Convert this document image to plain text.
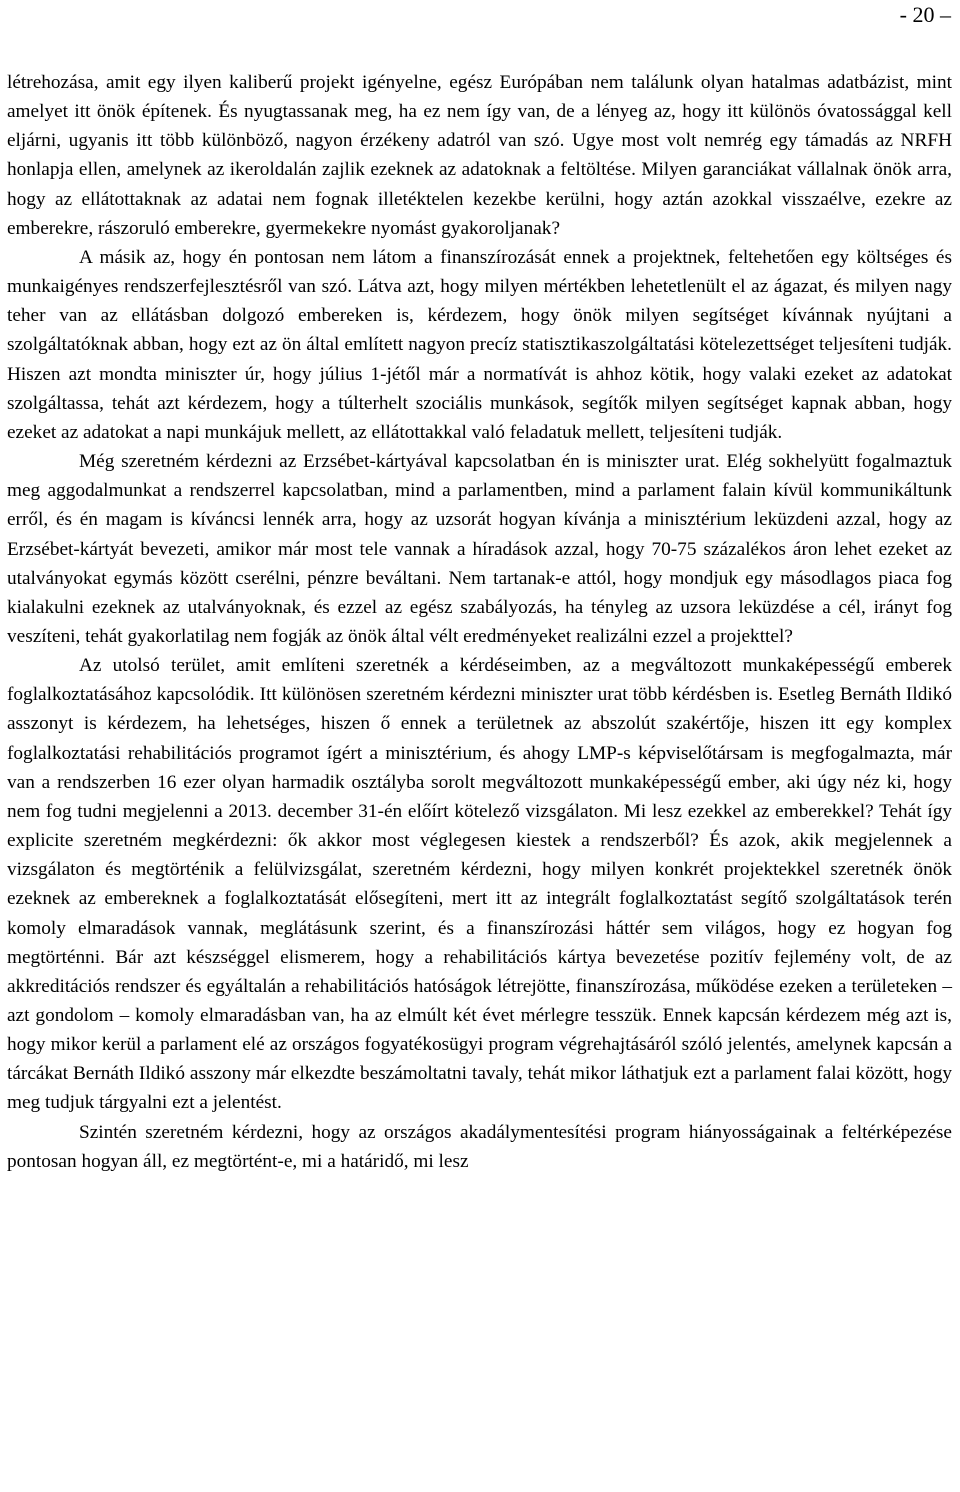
- 20 –

létrehozása, amit egy ilyen kaliberű projekt igényelne, egész Európában nem találunk olyan hatalmas adatbázist, mint amelyet itt önök építenek. És nyugtassanak meg, ha ez nem így van, de a lényeg az, hogy itt különös óvatossággal kell eljárni, ugyanis itt több különböző, nagyon érzékeny adatról van szó. Ugye most volt nemrég egy támadás az NRFH honlapja ellen, amelynek az ikeroldalán zajlik ezeknek az adatoknak a feltöltése. Milyen garanciákat vállalnak önök arra, hogy az ellátottaknak az adatai nem fognak illetéktelen kezekbe kerülni, hogy aztán azokkal visszaélve, ezekre az emberekre, rászoruló emberekre, gyermekekre nyomást gyakoroljanak?

A másik az, hogy én pontosan nem látom a finanszírozását ennek a projektnek, feltehetően egy költséges és munkaigényes rendszerfejlesztésről van szó. Látva azt, hogy milyen mértékben lehetetlenült el az ágazat, és milyen nagy teher van az ellátásban dolgozó embereken is, kérdezem, hogy önök milyen segítséget kívánnak nyújtani a szolgáltatóknak abban, hogy ezt az ön által említett nagyon precíz statisztikaszolgáltatási kötelezettséget teljesíteni tudják. Hiszen azt mondta miniszter úr, hogy július 1-jétől már a normatívát is ahhoz kötik, hogy valaki ezeket az adatokat szolgáltassa, tehát azt kérdezem, hogy a túlterhelt szociális munkások, segítők milyen segítséget kapnak abban, hogy ezeket az adatokat a napi munkájuk mellett, az ellátottakkal való feladatuk mellett, teljesíteni tudják.

Még szeretném kérdezni az Erzsébet-kártyával kapcsolatban én is miniszter urat. Elég sokhelyütt fogalmaztuk meg aggodalmunkat a rendszerrel kapcsolatban, mind a parlamentben, mind a parlament falain kívül kommunikáltunk erről, és én magam is kíváncsi lennék arra, hogy az uzsorát hogyan kívánja a minisztérium leküzdeni azzal, hogy az Erzsébet-kártyát bevezeti, amikor már most tele vannak a híradások azzal, hogy 70-75 százalékos áron lehet ezeket az utalványokat egymás között cserélni, pénzre beváltani. Nem tartanak-e attól, hogy mondjuk egy másodlagos piaca fog kialakulni ezeknek az utalványoknak, és ezzel az egész szabályozás, ha tényleg az uzsora leküzdése a cél, irányt fog veszíteni, tehát gyakorlatilag nem fogják az önök által vélt eredményeket realizálni ezzel a projekttel?

Az utolsó terület, amit említeni szeretnék a kérdéseimben, az a megváltozott munkaképességű emberek foglalkoztatásához kapcsolódik. Itt különösen szeretném kérdezni miniszter urat több kérdésben is. Esetleg Bernáth Ildikó asszonyt is kérdezem, ha lehetséges, hiszen ő ennek a területnek az abszolút szakértője, hiszen itt egy komplex foglalkoztatási rehabilitációs programot ígért a minisztérium, és ahogy LMP-s képviselőtársam is megfogalmazta, már van a rendszerben 16 ezer olyan harmadik osztályba sorolt megváltozott munkaképességű ember, aki úgy néz ki, hogy nem fog tudni megjelenni a 2013. december 31-én előírt kötelező vizsgálaton. Mi lesz ezekkel az emberekkel? Tehát így explicite szeretném megkérdezni: ők akkor most véglegesen kiestek a rendszerből? És azok, akik megjelennek a vizsgálaton és megtörténik a felülvizsgálat, szeretném kérdezni, hogy milyen konkrét projektekkel szeretnék önök ezeknek az embereknek a foglalkoztatását elősegíteni, mert itt az integrált foglalkoztatást segítő szolgáltatások terén komoly elmaradások vannak, meglátásunk szerint, és a finanszírozási háttér sem világos, hogy ez hogyan fog megtörténni. Bár azt készséggel elismerem, hogy a rehabilitációs kártya bevezetése pozitív fejlemény volt, de az akkreditációs rendszer és egyáltalán a rehabilitációs hatóságok létrejötte, finanszírozása, működése ezeken a területeken – azt gondolom – komoly elmaradásban van, ha az elmúlt két évet mérlegre tesszük. Ennek kapcsán kérdezem még azt is, hogy mikor kerül a parlament elé az országos fogyatékosügyi program végrehajtásáról szóló jelentés, amelynek kapcsán a tárcákat Bernáth Ildikó asszony már elkezdte beszámoltatni tavaly, tehát mikor láthatjuk ezt a parlament falai között, hogy meg tudjuk tárgyalni ezt a jelentést.

Szintén szeretném kérdezni, hogy az országos akadálymentesítési program hiányosságainak a feltérképezése pontosan hogyan áll, ez megtörtént-e, mi a határidő, mi lesz
